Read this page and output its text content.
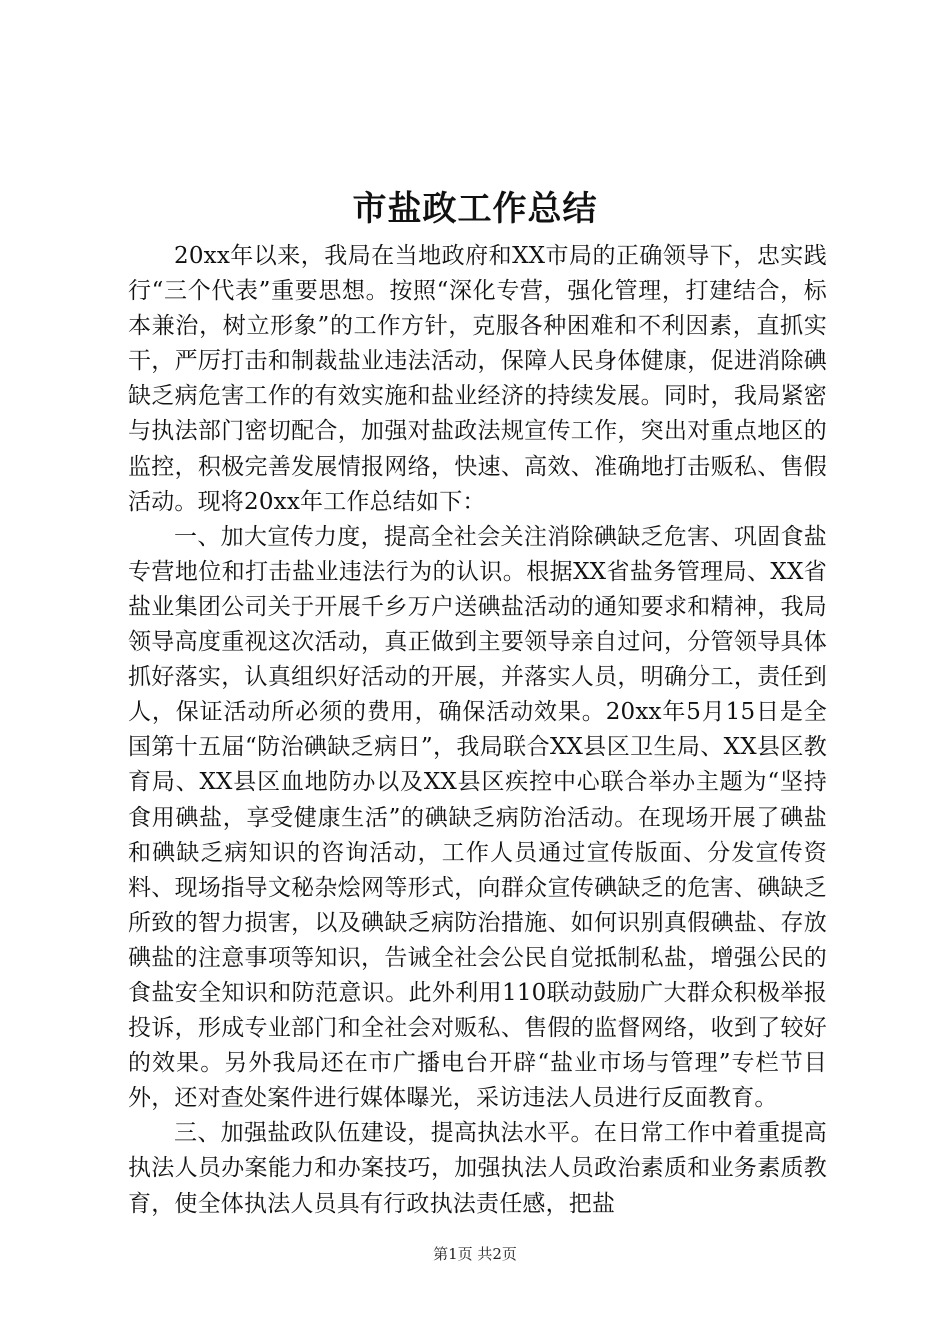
市盐政工作总结

20xx年以来，我局在当地政府和XX市局的正确领导下，忠实践行“三个代表”重要思想。按照“深化专营，强化管理，打建结合，标本兼治，树立形象”的工作方针，克服各种困难和不利因素，直抓实干，严厉打击和制裁盐业违法活动，保障人民身体健康，促进消除碘缺乏病危害工作的有效实施和盐业经济的持续发展。同时，我局紧密与执法部门密切配合，加强对盐政法规宣传工作，突出对重点地区的监控，积极完善发展情报网络，快速、高效、准确地打击贩私、售假活动。现将20xx年工作总结如下：

一、加大宣传力度，提高全社会关注消除碘缺乏危害、巩固食盐专营地位和打击盐业违法行为的认识。根据XX省盐务管理局、XX省盐业集团公司关于开展千乡万户送碘盐活动的通知要求和精神，我局领导高度重视这次活动，真正做到主要领导亲自过问，分管领导具体抓好落实，认真组织好活动的开展，并落实人员，明确分工，责任到人，保证活动所必须的费用，确保活动效果。20xx年5月15日是全国第十五届“防治碘缺乏病日”，我局联合XX县区卫生局、XX县区教育局、XX县区血地防办以及XX县区疾控中心联合举办主题为“坚持食用碘盐，享受健康生活”的碘缺乏病防治活动。在现场开展了碘盐和碘缺乏病知识的咨询活动，工作人员通过宣传版面、分发宣传资料、现场指导文秘杂烩网等形式，向群众宣传碘缺乏的危害、碘缺乏所致的智力损害，以及碘缺乏病防治措施、如何识别真假碘盐、存放碘盐的注意事项等知识，告诫全社会公民自觉抵制私盐，增强公民的食盐安全知识和防范意识。此外利用110联动鼓励广大群众积极举报投诉，形成专业部门和全社会对贩私、售假的监督网络，收到了较好的效果。另外我局还在市广播电台开辟“盐业市场与管理”专栏节目外，还对查处案件进行媒体曝光，采访违法人员进行反面教育。

三、加强盐政队伍建设，提高执法水平。在日常工作中着重提高执法人员办案能力和办案技巧，加强执法人员政治素质和业务素质教育，使全体执法人员具有行政执法责任感，把盐

第1页 共2页
